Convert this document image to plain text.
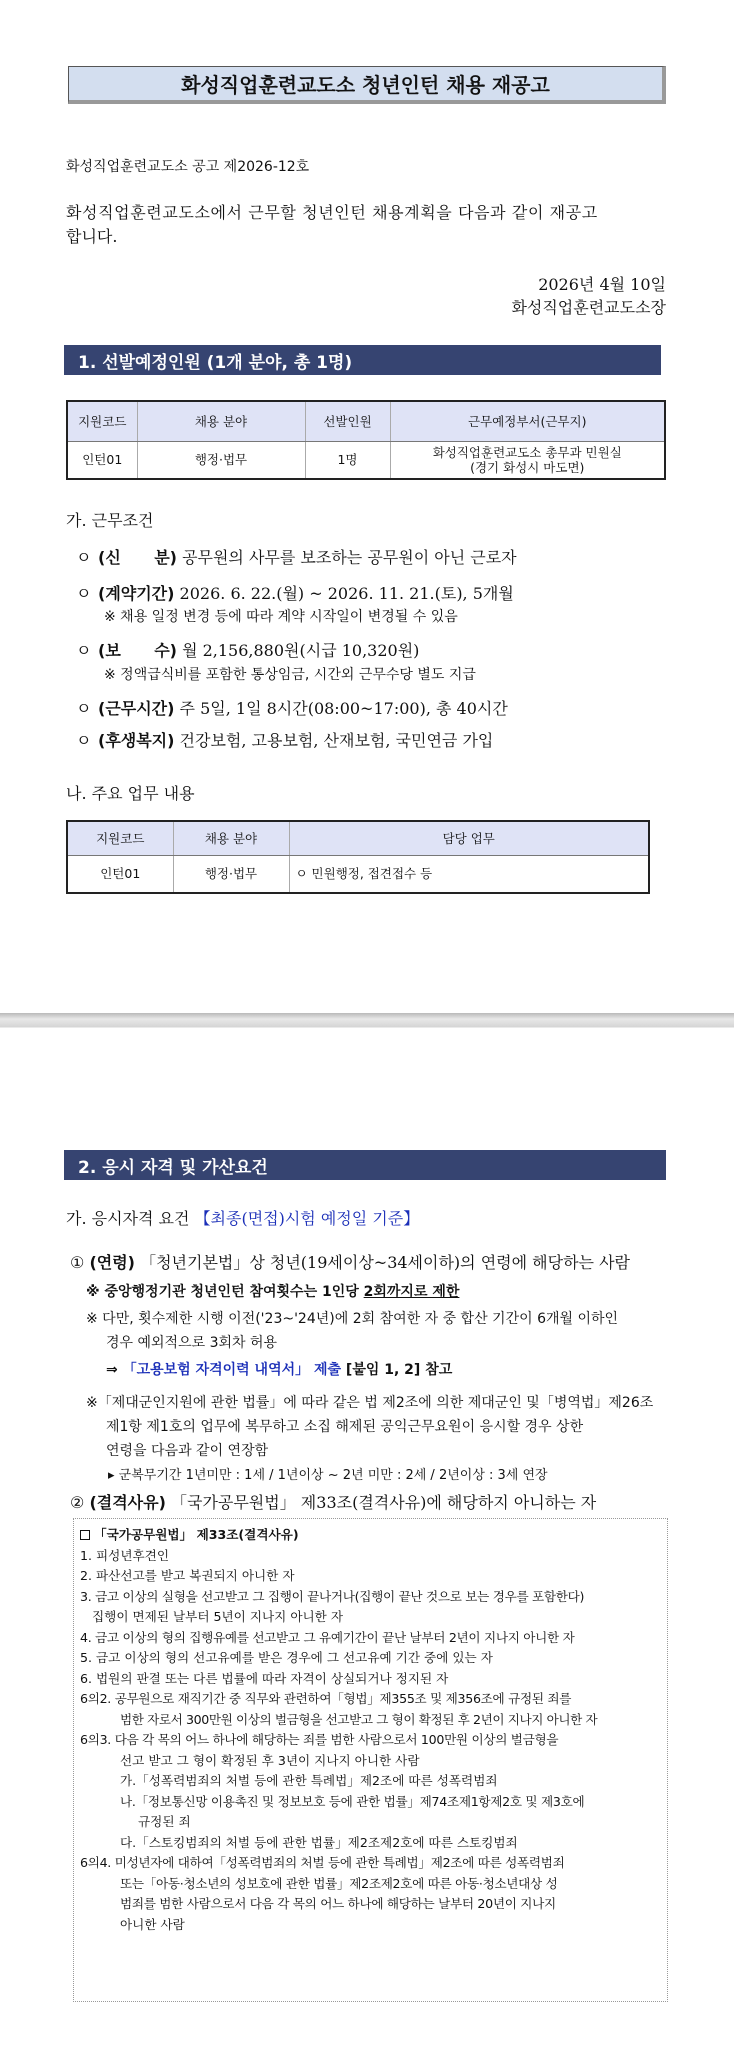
화성직업훈련교도소 청년인턴 채용 재공고
화성직업훈련교도소 공고 제2026-12호
화성직업훈련교도소에서 근무할 청년인턴 채용계획을 다음과 같이 재공고
합니다.
2026년 4월 10일
화성직업훈련교도소장
1. 선발예정인원 (1개 분야, 총 1명)
지원코드	채용 분야	선발인원	근무예정부서(근무지)
인턴01	행정·법무	1명	화성직업훈련교도소 총무과 민원실
(경기 화성시 마도면)
가. 근무조건
ㅇ (신      분) 공무원의 사무를 보조하는 공무원이 아닌 근로자
ㅇ (계약기간) 2026. 6. 22.(월) ~ 2026. 11. 21.(토), 5개월
※ 채용 일정 변경 등에 따라 계약 시작일이 변경될 수 있음
ㅇ (보      수) 월 2,156,880원(시급 10,320원)
※ 정액급식비를 포함한 통상임금, 시간외 근무수당 별도 지급
ㅇ (근무시간) 주 5일, 1일 8시간(08:00~17:00), 총 40시간
ㅇ (후생복지) 건강보험, 고용보험, 산재보험, 국민연금 가입
나. 주요 업무 내용
지원코드	채용 분야	담당 업무
인턴01	행정·법무	ㅇ 민원행정, 접견접수 등
2. 응시 자격 및 가산요건
가. 응시자격 요건 【최종(면접)시험 예정일 기준】
① (연령) 「청년기본법」상 청년(19세이상~34세이하)의 연령에 해당하는 사람
※ 중앙행정기관 청년인턴 참여횟수는 1인당 2회까지로 제한
※ 다만, 횟수제한 시행 이전('23~'24년)에 2회 참여한 자 중 합산 기간이 6개월 이하인
경우 예외적으로 3회차 허용
⇒ 「고용보험 자격이력 내역서」 제출 [붙임 1, 2] 참고
※「제대군인지원에 관한 법률」에 따라 같은 법 제2조에 의한 제대군인 및「병역법」제26조
제1항 제1호의 업무에 복무하고 소집 해제된 공익근무요원이 응시할 경우 상한
연령을 다음과 같이 연장함
▸ 군복무기간 1년미만 : 1세 / 1년이상 ~ 2년 미만 : 2세 / 2년이상 : 3세 연장
② (결격사유) 「국가공무원법」 제33조(결격사유)에 해당하지 아니하는 자
「국가공무원법」 제33조(결격사유)
1. 피성년후견인
2. 파산선고를 받고 복권되지 아니한 자
3. 금고 이상의 실형을 선고받고 그 집행이 끝나거나(집행이 끝난 것으로 보는 경우를 포함한다)
집행이 면제된 날부터 5년이 지나지 아니한 자
4. 금고 이상의 형의 집행유예를 선고받고 그 유예기간이 끝난 날부터 2년이 지나지 아니한 자
5. 금고 이상의 형의 선고유예를 받은 경우에 그 선고유예 기간 중에 있는 자
6. 법원의 판결 또는 다른 법률에 따라 자격이 상실되거나 정지된 자
6의2. 공무원으로 재직기간 중 직무와 관련하여「형법」제355조 및 제356조에 규정된 죄를
범한 자로서 300만원 이상의 벌금형을 선고받고 그 형이 확정된 후 2년이 지나지 아니한 자
6의3. 다음 각 목의 어느 하나에 해당하는 죄를 범한 사람으로서 100만원 이상의 벌금형을
선고 받고 그 형이 확정된 후 3년이 지나지 아니한 사람
가.「성폭력범죄의 처벌 등에 관한 특례법」제2조에 따른 성폭력범죄
나.「정보통신망 이용촉진 및 정보보호 등에 관한 법률」제74조제1항제2호 및 제3호에
규정된 죄
다.「스토킹범죄의 처벌 등에 관한 법률」제2조제2호에 따른 스토킹범죄
6의4. 미성년자에 대하여「성폭력범죄의 처벌 등에 관한 특례법」제2조에 따른 성폭력범죄
또는「아동·청소년의 성보호에 관한 법률」제2조제2호에 따른 아동·청소년대상 성
범죄를 범한 사람으로서 다음 각 목의 어느 하나에 해당하는 날부터 20년이 지나지
아니한 사람
